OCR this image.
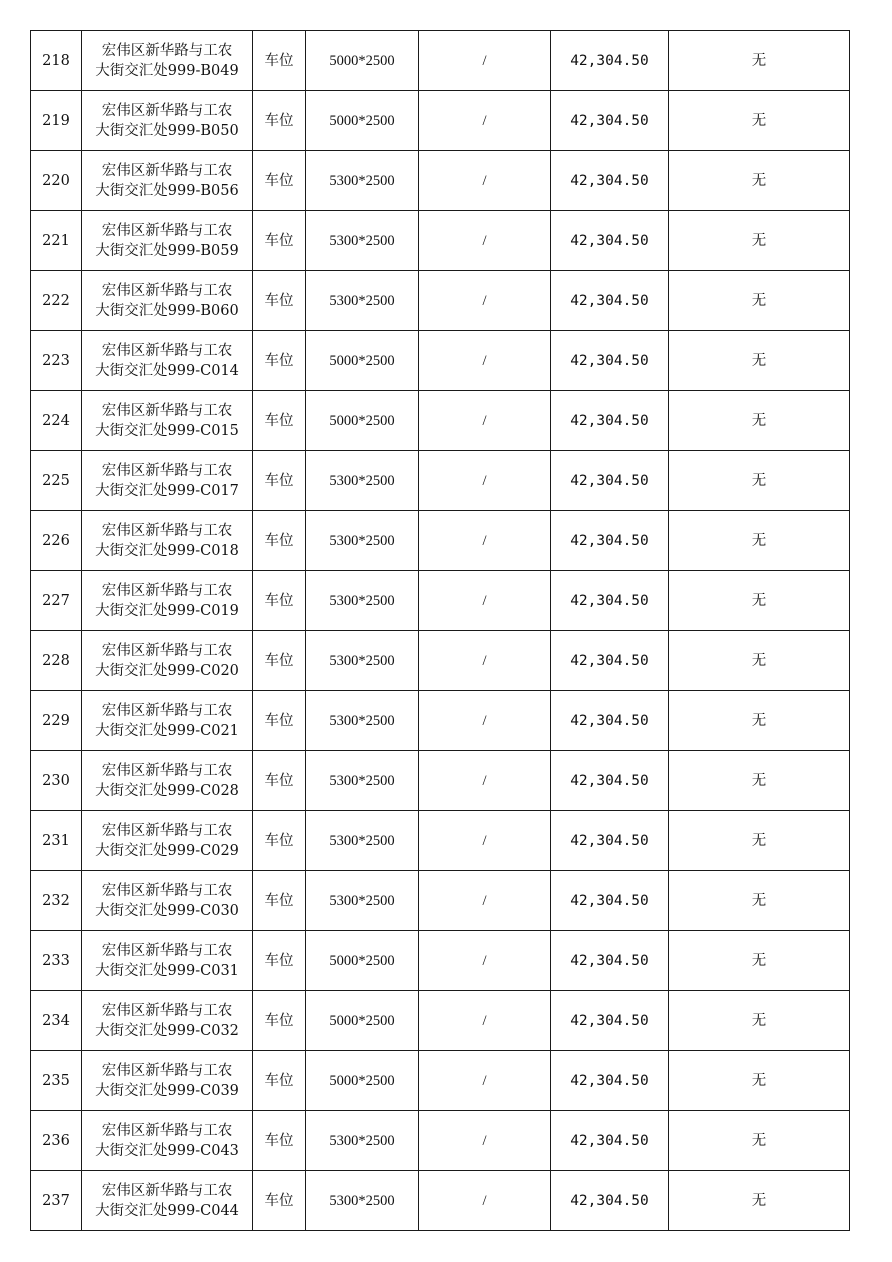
218	宏伟区新华路与工农
大街交汇处999-B049	车位	5000*2500	/	42,304.50	无
219	宏伟区新华路与工农
大街交汇处999-B050	车位	5000*2500	/	42,304.50	无
220	宏伟区新华路与工农
大街交汇处999-B056	车位	5300*2500	/	42,304.50	无
221	宏伟区新华路与工农
大街交汇处999-B059	车位	5300*2500	/	42,304.50	无
222	宏伟区新华路与工农
大街交汇处999-B060	车位	5300*2500	/	42,304.50	无
223	宏伟区新华路与工农
大街交汇处999-C014	车位	5000*2500	/	42,304.50	无
224	宏伟区新华路与工农
大街交汇处999-C015	车位	5000*2500	/	42,304.50	无
225	宏伟区新华路与工农
大街交汇处999-C017	车位	5300*2500	/	42,304.50	无
226	宏伟区新华路与工农
大街交汇处999-C018	车位	5300*2500	/	42,304.50	无
227	宏伟区新华路与工农
大街交汇处999-C019	车位	5300*2500	/	42,304.50	无
228	宏伟区新华路与工农
大街交汇处999-C020	车位	5300*2500	/	42,304.50	无
229	宏伟区新华路与工农
大街交汇处999-C021	车位	5300*2500	/	42,304.50	无
230	宏伟区新华路与工农
大街交汇处999-C028	车位	5300*2500	/	42,304.50	无
231	宏伟区新华路与工农
大街交汇处999-C029	车位	5300*2500	/	42,304.50	无
232	宏伟区新华路与工农
大街交汇处999-C030	车位	5300*2500	/	42,304.50	无
233	宏伟区新华路与工农
大街交汇处999-C031	车位	5000*2500	/	42,304.50	无
234	宏伟区新华路与工农
大街交汇处999-C032	车位	5000*2500	/	42,304.50	无
235	宏伟区新华路与工农
大街交汇处999-C039	车位	5000*2500	/	42,304.50	无
236	宏伟区新华路与工农
大街交汇处999-C043	车位	5300*2500	/	42,304.50	无
237	宏伟区新华路与工农
大街交汇处999-C044	车位	5300*2500	/	42,304.50	无
